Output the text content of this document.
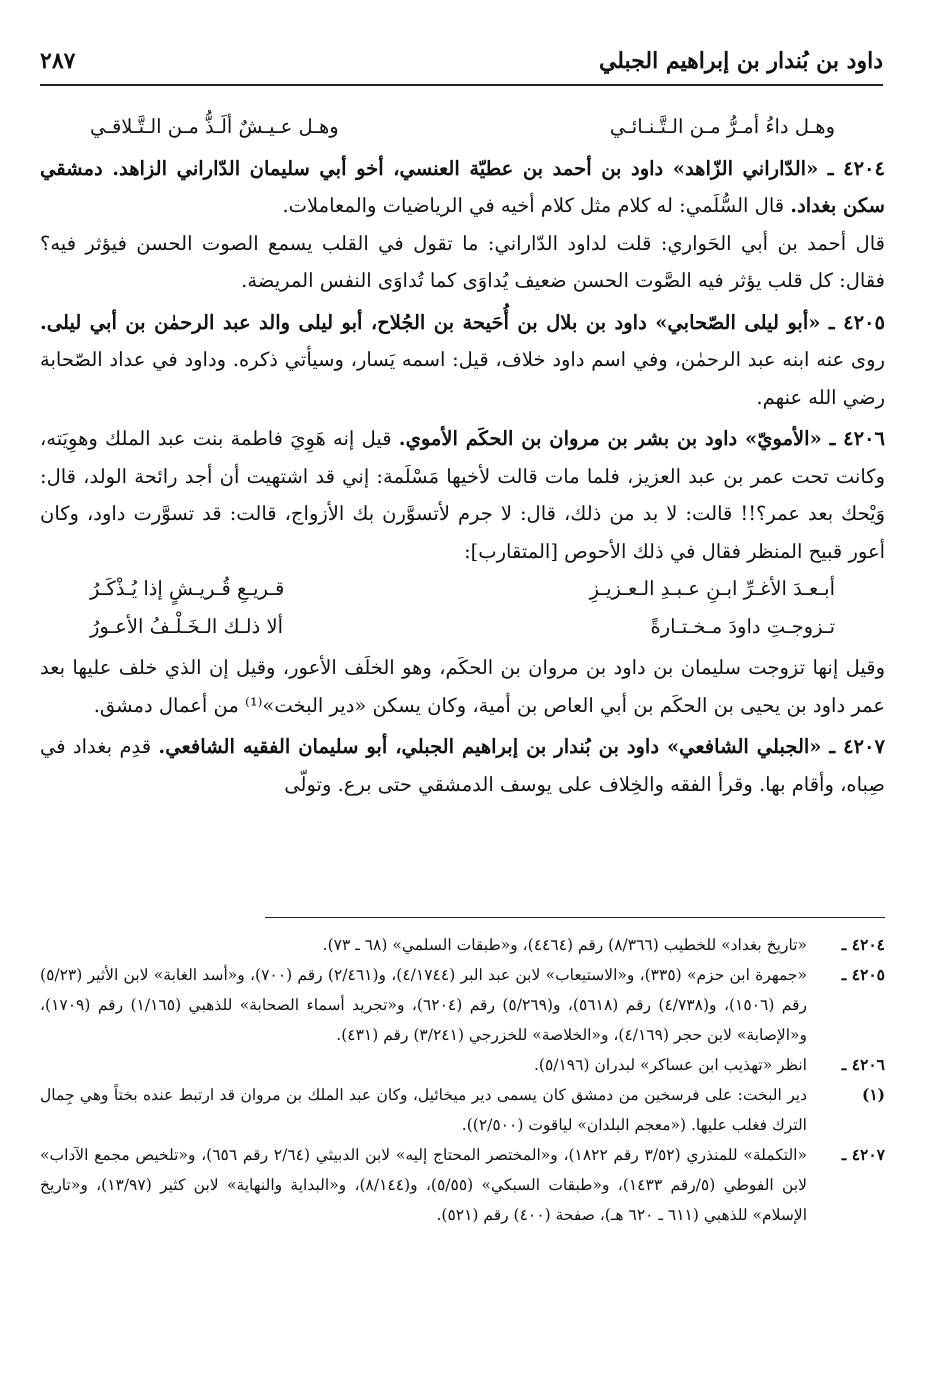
داود بن بُندار بن إبراهيم الجبلي
٢٨٧
وهـل داءُ أمـرُّ مـن الـتَّـنـائـي
وهـل عـيـشٌ ألَـذُّ مـن الـتَّـلاقـي

٤٢٠٤ ـ «الدّاراني الزّاهد» داود بن أحمد بن عطيّة العنسي، أخو أبي سليمان الدّاراني الزاهد. دمشقي سكن بغداد. قال السُّلَمي: له كلام مثل كلام أخيه في الرياضيات والمعاملات.

قال أحمد بن أبي الحَواري: قلت لداود الدّاراني: ما تقول في القلب يسمع الصوت الحسن فيؤثر فيه؟ فقال: كل قلب يؤثر فيه الصَّوت الحسن ضعيف يُداوَى كما تُداوَى النفس المريضة.

٤٢٠٥ ـ «أبو ليلى الصّحابي» داود بن بلال بن أُحَيحة بن الجُلاح، أبو ليلى والد عبد الرحمٰن بن أبي ليلى. روى عنه ابنه عبد الرحمٰن، وفي اسم داود خلاف، قيل: اسمه يَسار، وسيأتي ذكره. وداود في عداد الصّحابة رضي الله عنهم.

٤٢٠٦ ـ «الأمويّ» داود بن بشر بن مروان بن الحكَم الأموي. قيل إنه هَوِيَ فاطمة بنت عبد الملك وهوِيَته، وكانت تحت عمر بن عبد العزيز، فلما مات قالت لأخيها مَسْلَمة: إني قد اشتهيت أن أجد رائحة الولد، قال: وَيْحك بعد عمر؟!! قالت: لا بد من ذلك، قال: لا جرم لأتسوَّرن بك الأزواج، قالت: قد تسوَّرت داود، وكان أعور قبيح المنظر فقال في ذلك الأحوص [المتقارب]:

أبـعـدَ الأغـرِّ ابـنِ عـبـدِ الـعـزيـزِ
قـريـعِ قُـريـشٍ إذا يُـذْكَـرُ
تـزوجـتِ داودَ مـخـتـارةً
ألا ذلـك الـخَـلْـفُ الأعـورُ

وقيل إنها تزوجت سليمان بن داود بن مروان بن الحكَم، وهو الخلَف الأعور، وقيل إن الذي خلف عليها بعد عمر داود بن يحيى بن الحكَم بن أبي العاص بن أمية، وكان يسكن «دير البخت»⁽¹⁾ من أعمال دمشق.

٤٢٠٧ ـ «الجبلي الشافعي» داود بن بُندار بن إبراهيم الجبلي، أبو سليمان الفقيه الشافعي. قدِم بغداد في صِباه، وأقام بها. وقرأ الفقه والخِلاف على يوسف الدمشقي حتى برع. وتولّى

٤٢٠٤ ـ
«تاريخ بغداد» للخطيب (٨/٣٦٦) رقم (٤٤٦٤)، و«طبقات السلمي» (٦٨ ـ ٧٣).
٤٢٠٥ ـ
«جمهرة ابن حزم» (٣٣٥)، و«الاستيعاب» لابن عبد البر (٤/١٧٤٤)، و(٢/٤٦١) رقم (٧٠٠)، و«أسد الغابة» لابن الأثير (٥/٢٣) رقم (١٥٠٦)، و(٤/٧٣٨) رقم (٥٦١٨)، و(٥/٢٦٩) رقم (٦٢٠٤)، و«تجريد أسماء الصحابة» للذهبي (١/١٦٥) رقم (١٧٠٩)، و«الإصابة» لابن حجر (٤/١٦٩)، و«الخلاصة» للخزرجي (٣/٢٤١) رقم (٤٣١).
٤٢٠٦ ـ
انظر «تهذيب ابن عساكر» لبدران (٥/١٩٦).
(١)
دير البخت: على فرسخين من دمشق كان يسمى دير ميخائيل، وكان عبد الملك بن مروان قد ارتبط عنده بختاً وهي جِمال الترك فغلب عليها. («معجم البلدان» لياقوت (٢/٥٠٠)).
٤٢٠٧ ـ
«التكملة» للمنذري (٣/٥٢ رقم ١٨٢٢)، و«المختصر المحتاج إليه» لابن الدبيثي (٢/٦٤ رقم ٦٥٦)، و«تلخيص مجمع الآداب» لابن الفوطي (٥/رقم ١٤٣٣)، و«طبقات السبكي» (٥/٥٥)، و(٨/١٤٤)، و«البداية والنهاية» لابن كثير (١٣/٩٧)، و«تاريخ الإسلام» للذهبي (٦١١ ـ ٦٢٠ هـ)، صفحة (٤٠٠) رقم (٥٢١).
